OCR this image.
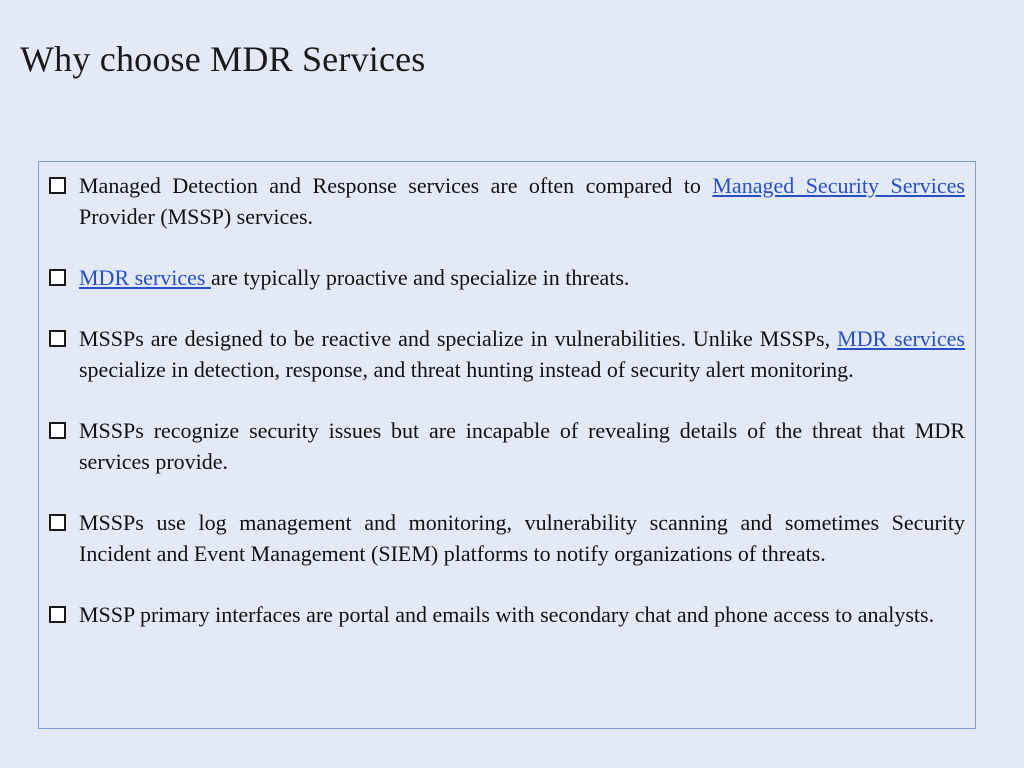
Why choose MDR Services
Managed Detection and Response services are often compared to Managed Security Services Provider (MSSP) services.
MDR services are typically proactive and specialize in threats.
MSSPs are designed to be reactive and specialize in vulnerabilities. Unlike MSSPs, MDR services specialize in detection, response, and threat hunting instead of security alert monitoring.
MSSPs recognize security issues but are incapable of revealing details of the threat that MDR services provide.
MSSPs use log management and monitoring, vulnerability scanning and sometimes Security Incident and Event Management (SIEM) platforms to notify organizations of threats.
MSSP primary interfaces are portal and emails with secondary chat and phone access to analysts.
